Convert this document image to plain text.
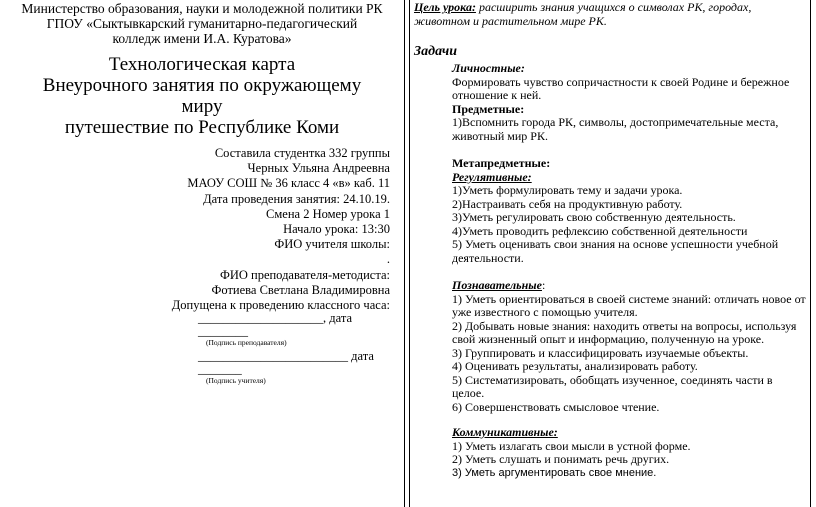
Министерство образования, науки и молодежной политики РК

ГПОУ «Сыктывкарский гуманитарно-педагогический

колледж имени И.А. Куратова»

Технологическая карта

Внеурочного занятия по окружающему

миру

путешествие по Республике Коми

Составила студентка 332 группы

Черных Ульяна Андреевна

МАОУ СОШ № 36 класс 4 «в» каб. 11

Дата проведения занятия: 24.10.19.

Смена 2 Номер урока 1

Начало урока: 13:30

ФИО учителя школы:

.

ФИО преподавателя-методиста:

Фотиева Светлана Владимировна

Допущена к проведению классного часа:

____________________, дата ________

(Подпись преподавателя)

________________________ дата _______

(Подпись учителя)

Цель урока: расширить знания учащихся о символах РК, городах, животном и растительном мире РК.

Задачи

Личностные:

Формировать чувство сопричастности к своей Родине и бережное отношение к ней.

Предметные:

1)Вспомнить города РК, символы, достопримечательные места, животный мир РК.

Метапредметные:

Регулятивные:

1)Уметь формулировать тему и задачи урока.

2)Настраивать себя на продуктивную работу.

3)Уметь регулировать свою собственную деятельность.

4)Уметь проводить рефлексию собственной деятельности

5) Уметь оценивать свои знания на основе успешности учебной деятельности.

Познавательные:

1) Уметь ориентироваться в своей системе знаний: отличать новое от уже известного с помощью учителя.

2) Добывать новые знания: находить ответы на вопросы, используя свой жизненный опыт и информацию, полученную на уроке.

3) Группировать и классифицировать изучаемые объекты.

4) Оценивать результаты, анализировать работу.

5) Систематизировать, обобщать изученное, соединять части в целое.

6) Совершенствовать смысловое чтение.

Коммуникативные:

1) Уметь излагать свои мысли в устной форме.

2) Уметь слушать и понимать речь других.

3) Уметь аргументировать свое мнение.
